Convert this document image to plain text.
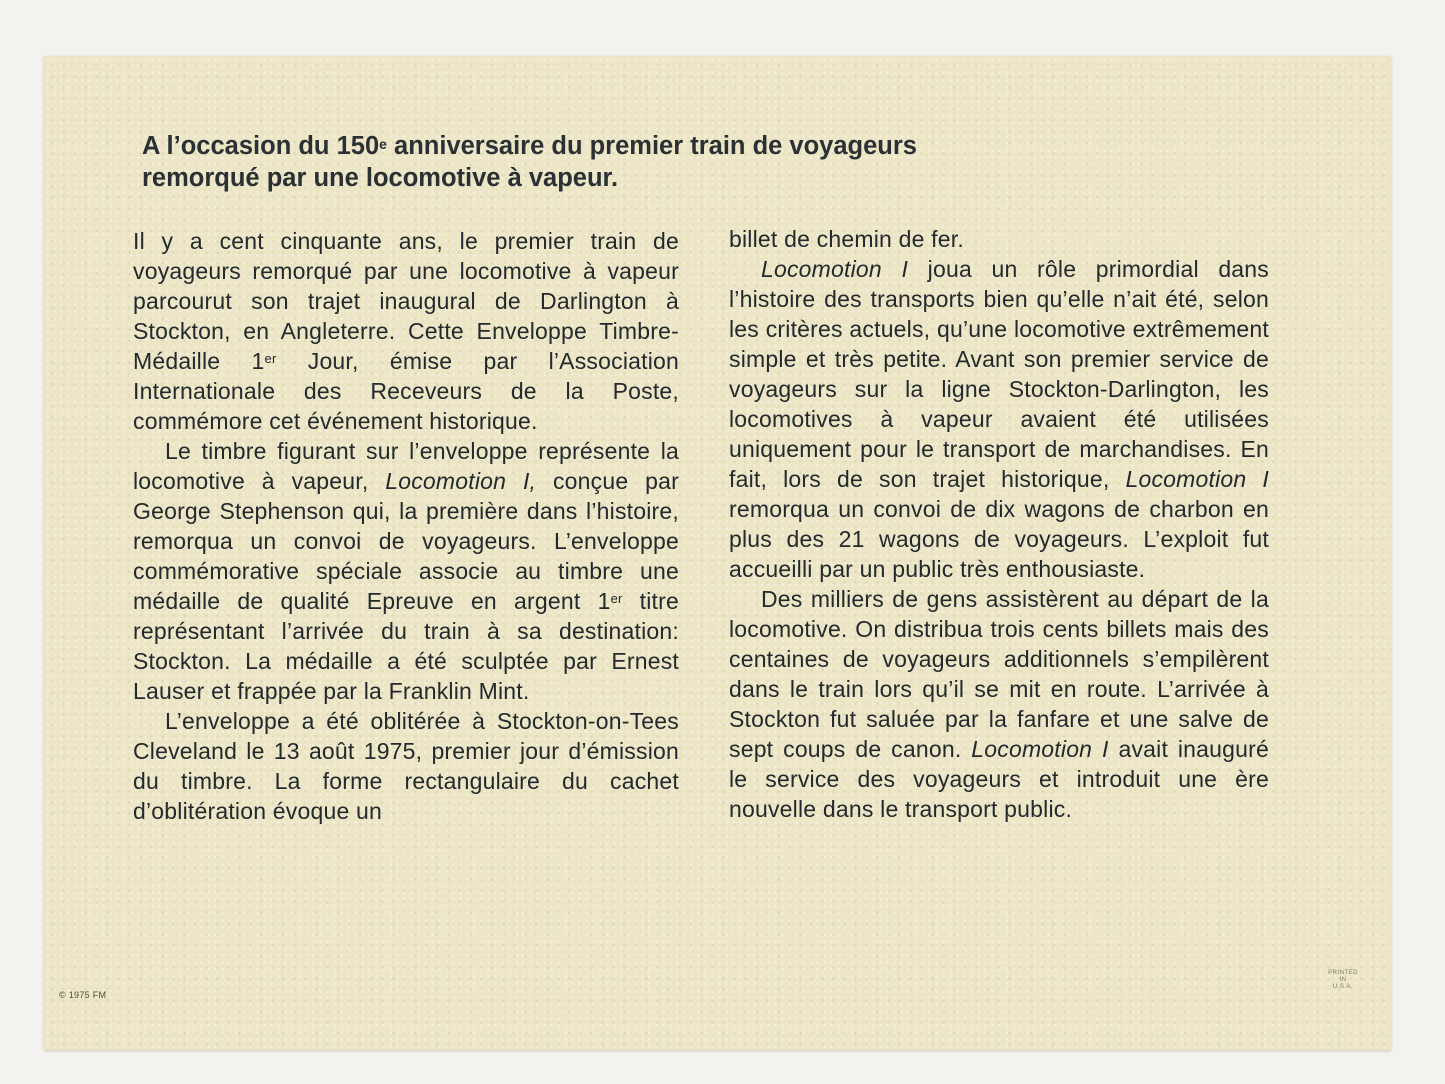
A l’occasion du 150e anniversaire du premier train de voyageurs

remorqué par une locomotive à vapeur.

Il y a cent cinquante ans, le premier train de voyageurs remorqué par une locomotive à vapeur parcourut son trajet inaugural de Darlington à Stockton, en Angleterre. Cette Enveloppe Timbre-Médaille 1er Jour, émise par l’Association Internationale des Receveurs de la Poste, commémore cet événement historique.

Le timbre figurant sur l’enveloppe représente la locomotive à vapeur, Locomotion I, conçue par George Stephenson qui, la première dans l’histoire, remorqua un convoi de voyageurs. L’enveloppe commémorative spéciale associe au timbre une médaille de qualité Epreuve en argent 1er titre représentant l’arrivée du train à sa destination: Stockton. La médaille a été sculptée par Ernest Lauser et frappée par la Franklin Mint.

L’enveloppe a été oblitérée à Stockton-on-Tees Cleveland le 13 août 1975, premier jour d’émission du timbre. La forme rectangulaire du cachet d’oblitération évoque un

billet de chemin de fer.

Locomotion I joua un rôle primordial dans l’histoire des transports bien qu’elle n’ait été, selon les critères actuels, qu’une locomotive extrêmement simple et très petite. Avant son premier service de voyageurs sur la ligne Stockton-Darlington, les locomotives à vapeur avaient été utilisées uniquement pour le transport de marchandises. En fait, lors de son trajet historique, Locomotion I remorqua un convoi de dix wagons de charbon en plus des 21 wagons de voyageurs. L’exploit fut accueilli par un public très enthousiaste.

Des milliers de gens assistèrent au départ de la locomotive. On distribua trois cents billets mais des centaines de voyageurs additionnels s’empilèrent dans le train lors qu’il se mit en route. L’arrivée à Stockton fut saluée par la fanfare et une salve de sept coups de canon. Locomotion I avait inauguré le service des voyageurs et introduit une ère nouvelle dans le transport public.

© 1975 FM
PRINTED
IN
U.S.A.
